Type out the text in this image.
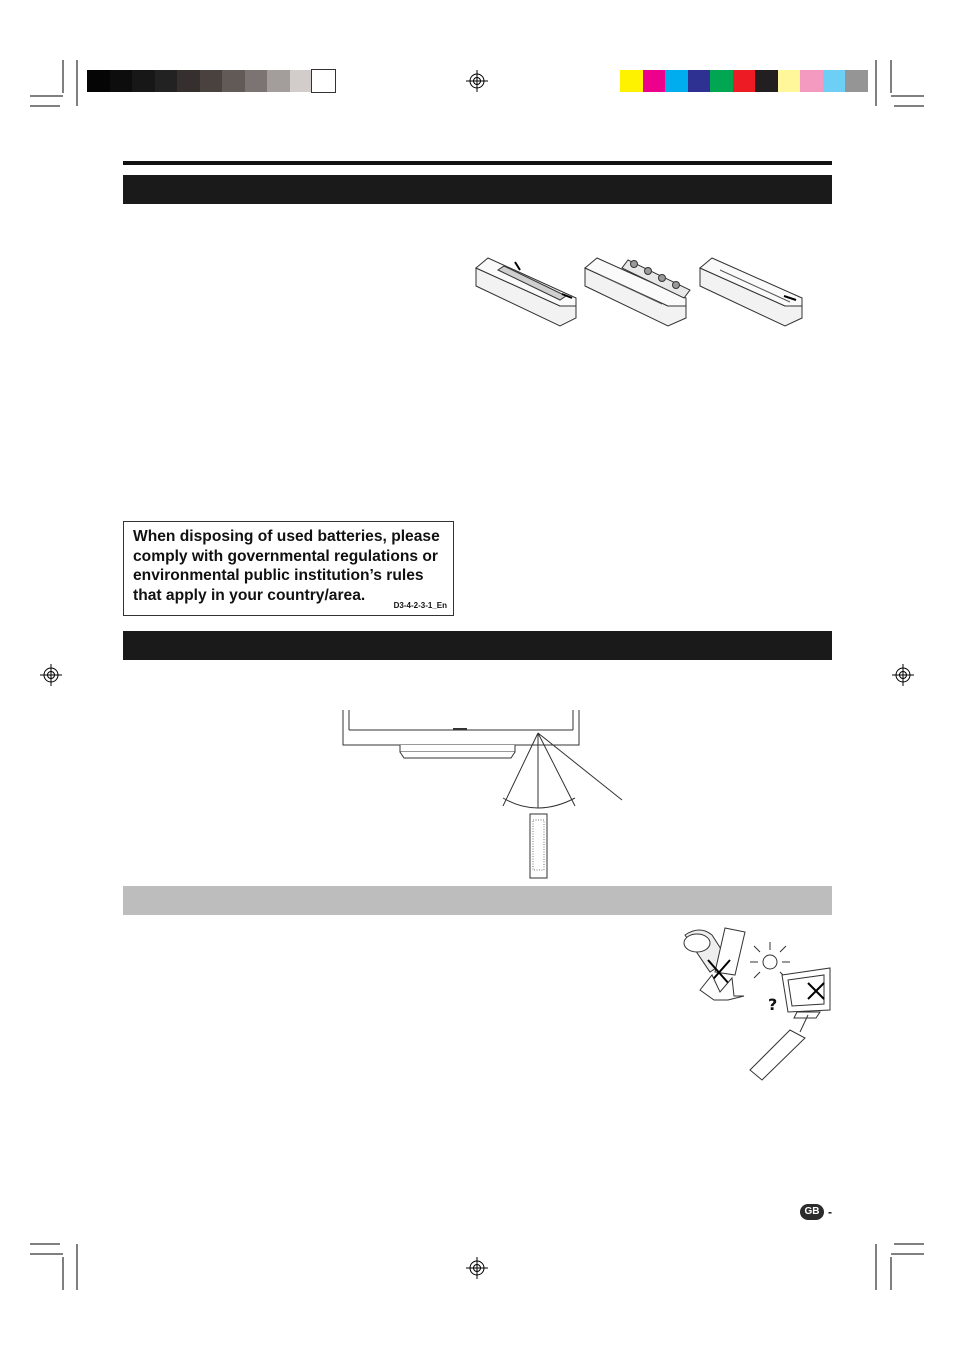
?
When disposing of used batteries, please comply with governmental regulations or environmental public institution’s rules that apply in your country/area.
D3-4-2-3-1_En
GB -
